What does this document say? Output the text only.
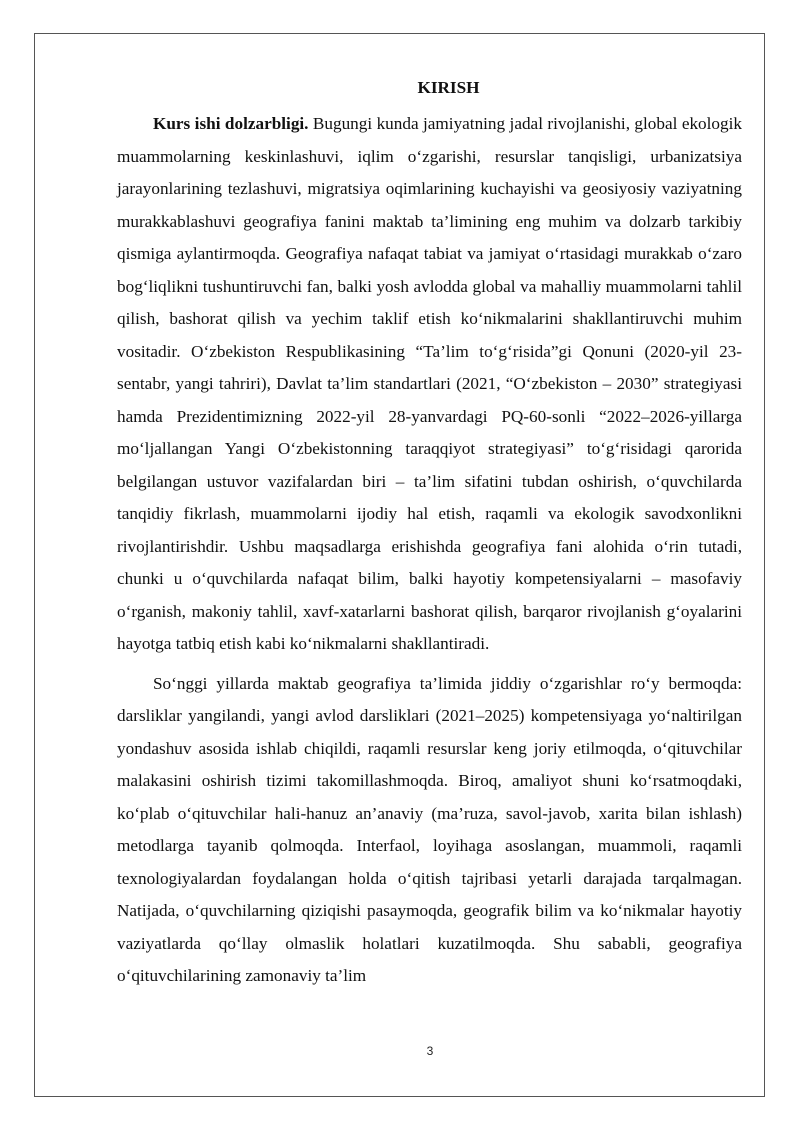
KIRISH

Kurs ishi dolzarbligi. Bugungi kunda jamiyatning jadal rivojlanishi, global ekologik muammolarning keskinlashuvi, iqlim o‘zgarishi, resurslar tanqisligi, urbanizatsiya jarayonlarining tezlashuvi, migratsiya oqimlarining kuchayishi va geosiyosiy vaziyatning murakkablashuvi geografiya fanini maktab ta’limining eng muhim va dolzarb tarkibiy qismiga aylantirmoqda. Geografiya nafaqat tabiat va jamiyat o‘rtasidagi murakkab o‘zaro bog‘liqlikni tushuntiruvchi fan, balki yosh avlodda global va mahalliy muammolarni tahlil qilish, bashorat qilish va yechim taklif etish ko‘nikmalarini shakllantiruvchi muhim vositadir. O‘zbekiston Respublikasining “Ta’lim to‘g‘risida”gi Qonuni (2020-yil 23-sentabr, yangi tahriri), Davlat ta’lim standartlari (2021, “O‘zbekiston – 2030” strategiyasi hamda Prezidentimizning 2022-yil 28-yanvardagi PQ-60-sonli “2022–2026-yillarga mo‘ljallangan Yangi O‘zbekistonning taraqqiyot strategiyasi” to‘g‘risidagi qarorida belgilangan ustuvor vazifalardan biri – ta’lim sifatini tubdan oshirish, o‘quvchilarda tanqidiy fikrlash, muammolarni ijodiy hal etish, raqamli va ekologik savodxonlikni rivojlantirishdir. Ushbu maqsadlarga erishishda geografiya fani alohida o‘rin tutadi, chunki u o‘quvchilarda nafaqat bilim, balki hayotiy kompetensiyalarni – masofaviy o‘rganish, makoniy tahlil, xavf-xatarlarni bashorat qilish, barqaror rivojlanish g‘oyalarini hayotga tatbiq etish kabi ko‘nikmalarni shakllantiradi.

So‘nggi yillarda maktab geografiya ta’limida jiddiy o‘zgarishlar ro‘y bermoqda: darsliklar yangilandi, yangi avlod darsliklari (2021–2025) kompetensiyaga yo‘naltirilgan yondashuv asosida ishlab chiqildi, raqamli resurslar keng joriy etilmoqda, o‘qituvchilar malakasini oshirish tizimi takomillashmoqda. Biroq, amaliyot shuni ko‘rsatmoqdaki, ko‘plab o‘qituvchilar hali-hanuz an’anaviy (ma’ruza, savol-javob, xarita bilan ishlash) metodlarga tayanib qolmoqda. Interfaol, loyihaga asoslangan, muammoli, raqamli texnologiyalardan foydalangan holda o‘qitish tajribasi yetarli darajada tarqalmagan. Natijada, o‘quvchilarning qiziqishi pasaymoqda, geografik bilim va ko‘nikmalar hayotiy vaziyatlarda qo‘llay olmaslik holatlari kuzatilmoqda. Shu sababli, geografiya o‘qituvchilarining zamonaviy ta’lim

3
